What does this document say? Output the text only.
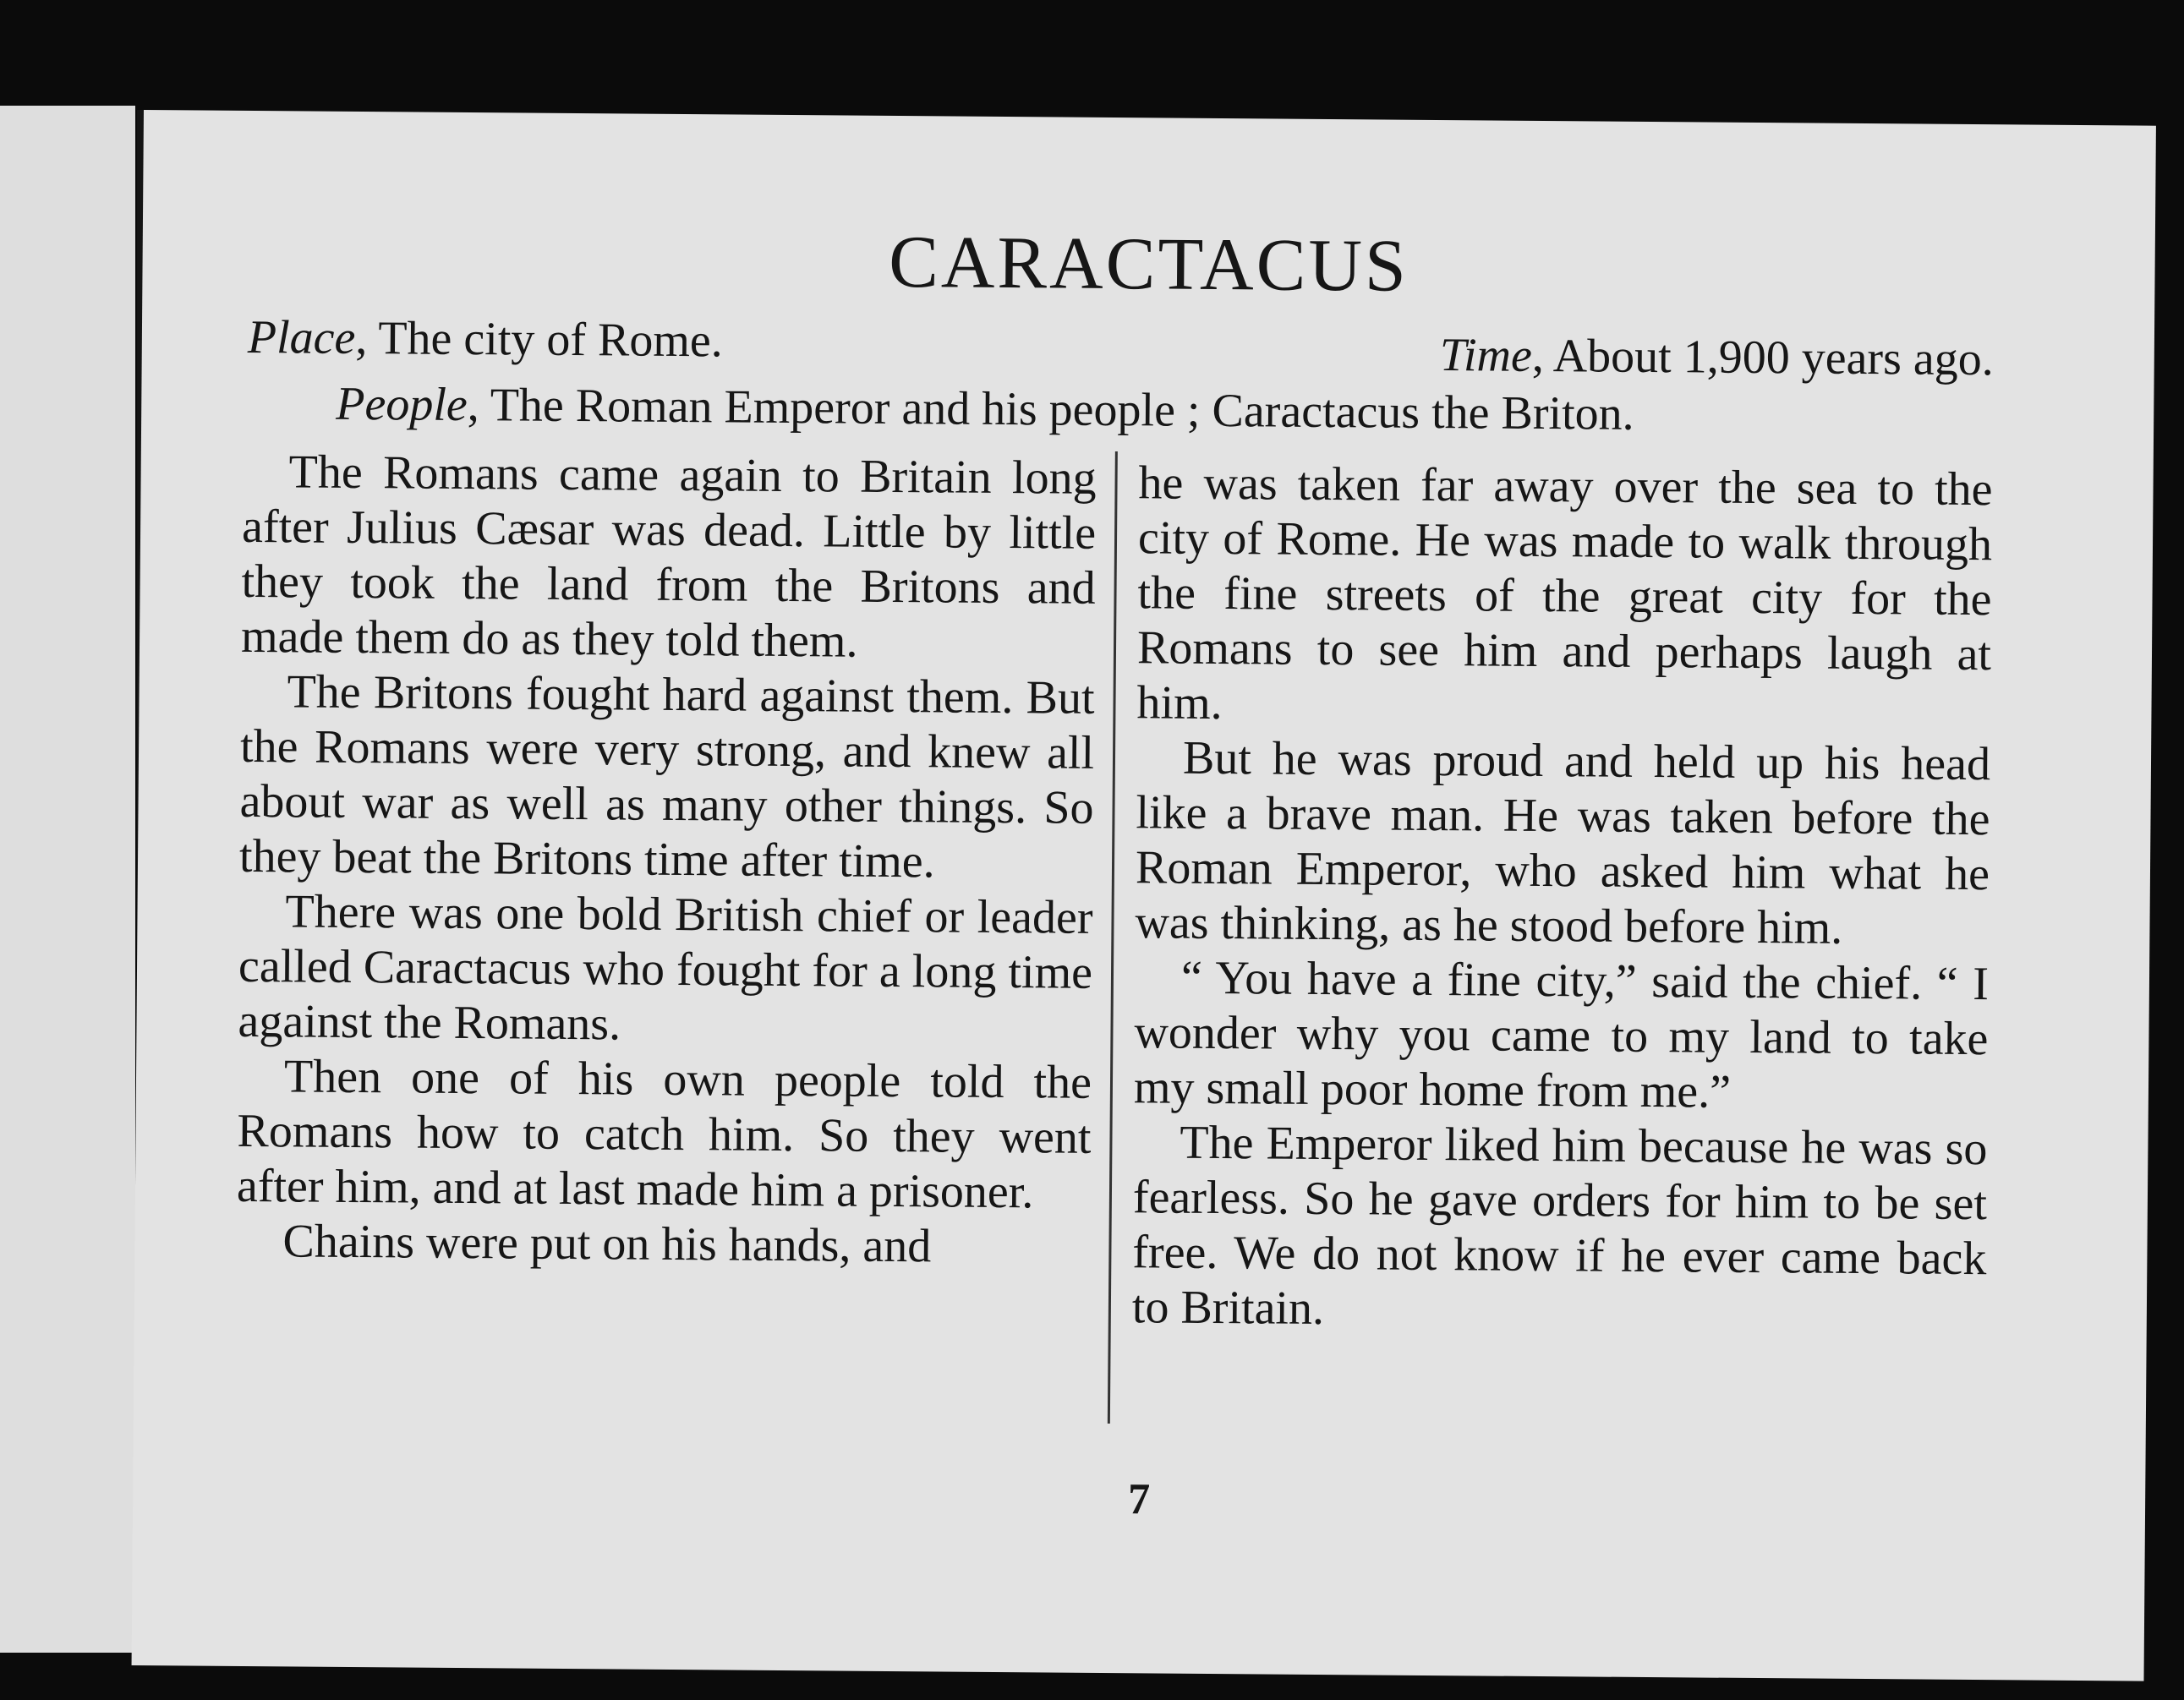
CARACTACUS
Place, The city of Rome.	Time, About 1,900 years ago.
People, The Roman Emperor and his people ; Caractacus the Briton.

The Romans came again to Britain long after Julius Cæsar was dead. Little by little they took the land from the Britons and made them do as they told them.

The Britons fought hard against them. But the Romans were very strong, and knew all about war as well as many other things. So they beat the Britons time after time.

There was one bold British chief or leader called Caractacus who fought for a long time against the Romans.

Then one of his own people told the Romans how to catch him. So they went after him, and at last made him a prisoner.

Chains were put on his hands, and

he was taken far away over the sea to the city of Rome. He was made to walk through the fine streets of the great city for the Romans to see him and perhaps laugh at him.

But he was proud and held up his head like a brave man. He was taken before the Roman Emperor, who asked him what he was thinking, as he stood before him.

“ You have a fine city,” said the chief. “ I wonder why you came to my land to take my small poor home from me.”

The Emperor liked him because he was so fearless. So he gave orders for him to be set free. We do not know if he ever came back to Britain.

7
